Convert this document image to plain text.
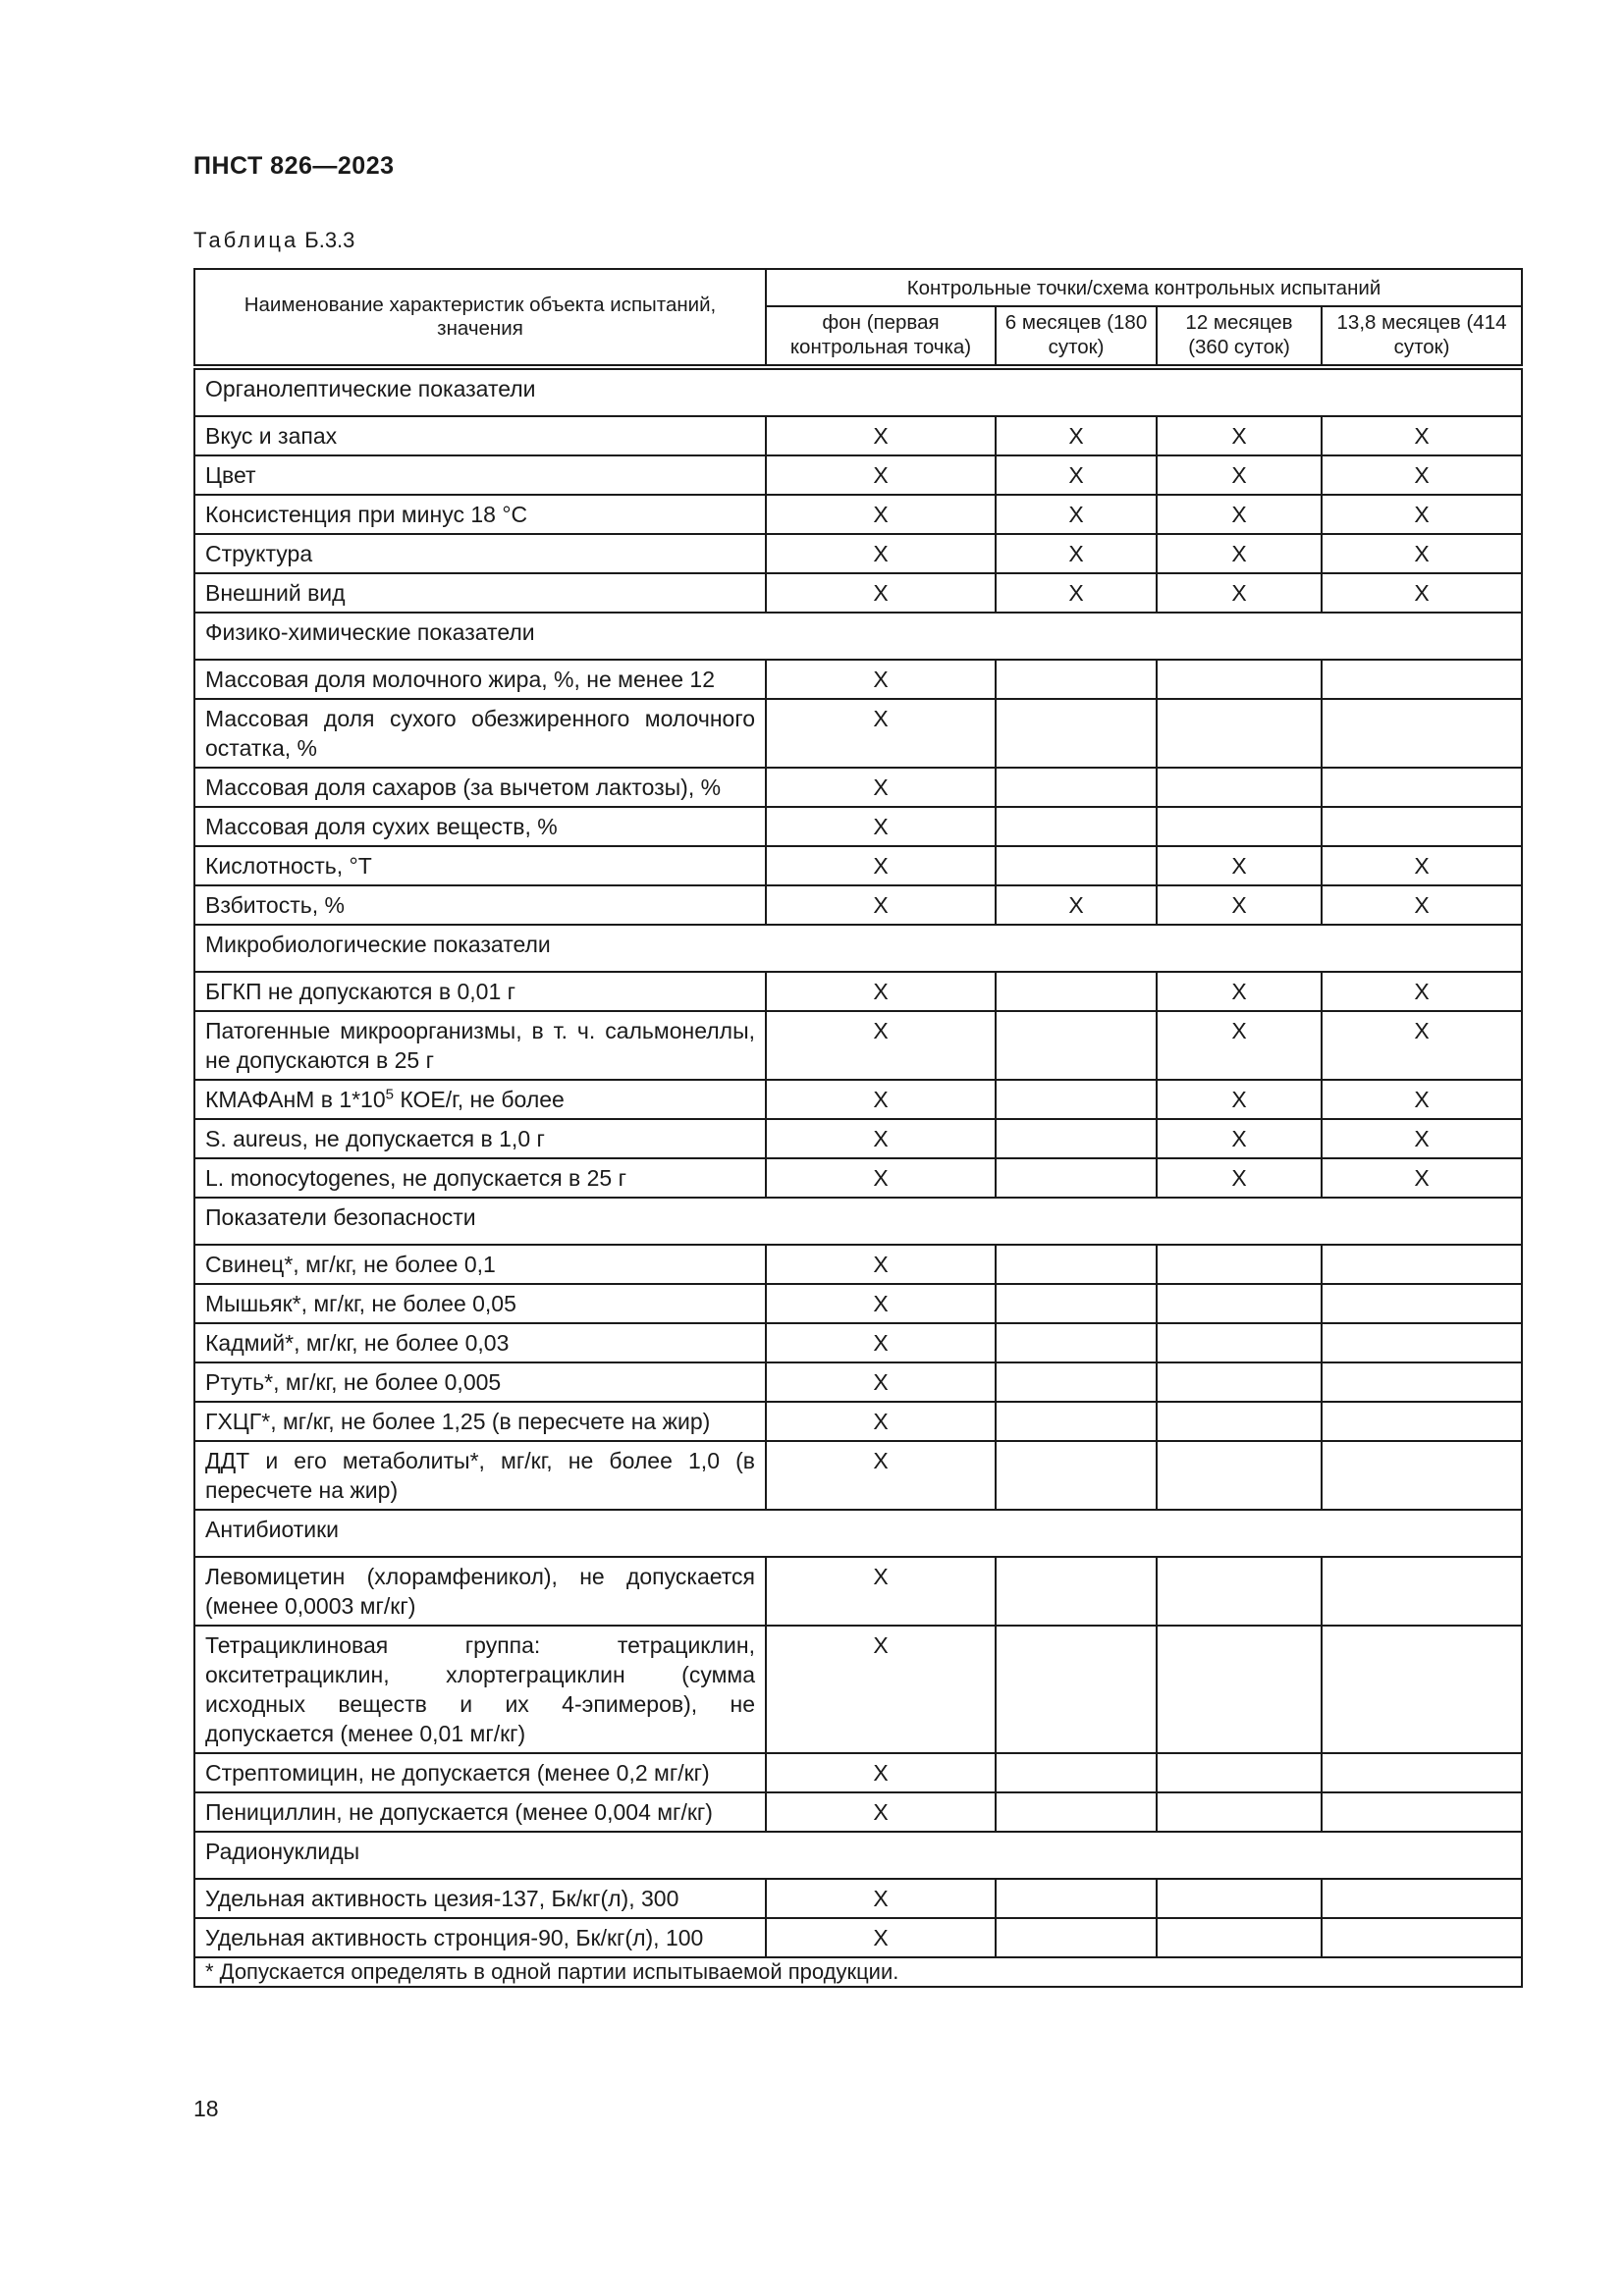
ПНСТ 826—2023
Таблица Б.3.3
Наименование характеристик объекта испытаний, значения	Контрольные точки/схема контрольных испытаний			
	фон (первая контрольная точка)	6 месяцев (180 суток)	12 месяцев (360 суток)	13,8 месяцев (414 суток)
Органолептические показатели				
Вкус и запах	X	X	X	X
Цвет	X	X	X	X
Консистенция при минус 18 °С	X	X	X	X
Структура	X	X	X	X
Внешний вид	X	X	X	X
Физико-химические показатели				
Массовая доля молочного жира, %, не менее 12	X			
Массовая доля сухого обезжиренного молочного остатка, %	X			
Массовая доля сахаров (за вычетом лактозы), %	X			
Массовая доля сухих веществ, %	X			
Кислотность, °Т	X		X	X
Взбитость, %	X	X	X	X
Микробиологические показатели				
БГКП не допускаются в 0,01 г	X		X	X
Патогенные микроорганизмы, в т. ч. сальмонеллы, не допускаются в 25 г	X		X	X
КМАФАнМ в $1*10^5$ КОЕ/г, не более	X		X	X
S. aureus, не допускается в 1,0 г	X		X	X
L. monocytogenes, не допускается в 25 г	X		X	X
Показатели безопасности				
Свинец*, мг/кг, не более 0,1	X			
Мышьяк*, мг/кг, не более 0,05	X			
Кадмий*, мг/кг, не более 0,03	X			
Ртуть*, мг/кг, не более 0,005	X			
ГХЦГ*, мг/кг, не более 1,25 (в пересчете на жир)	X			
ДДТ и его метаболиты*, мг/кг, не более 1,0 (в пересчете на жир)	X			
Антибиотики				
Левомицетин (хлорамфеникол), не допускается (менее 0,0003 мг/кг)	X			
Тетрациклиновая группа: тетрациклин, окситетрациклин, хлортеграциклин (сумма исходных веществ и их 4-эпимеров), не допускается (менее 0,01 мг/кг)	X			
Стрептомицин, не допускается (менее 0,2 мг/кг)	X			
Пенициллин, не допускается (менее 0,004 мг/кг)	X			
Радионуклиды				
Удельная активность цезия-137, Бк/кг(л), 300	X			
Удельная активность стронция-90, Бк/кг(л), 100	X			
* Допускается определять в одной партии испытываемой продукции.				
18
